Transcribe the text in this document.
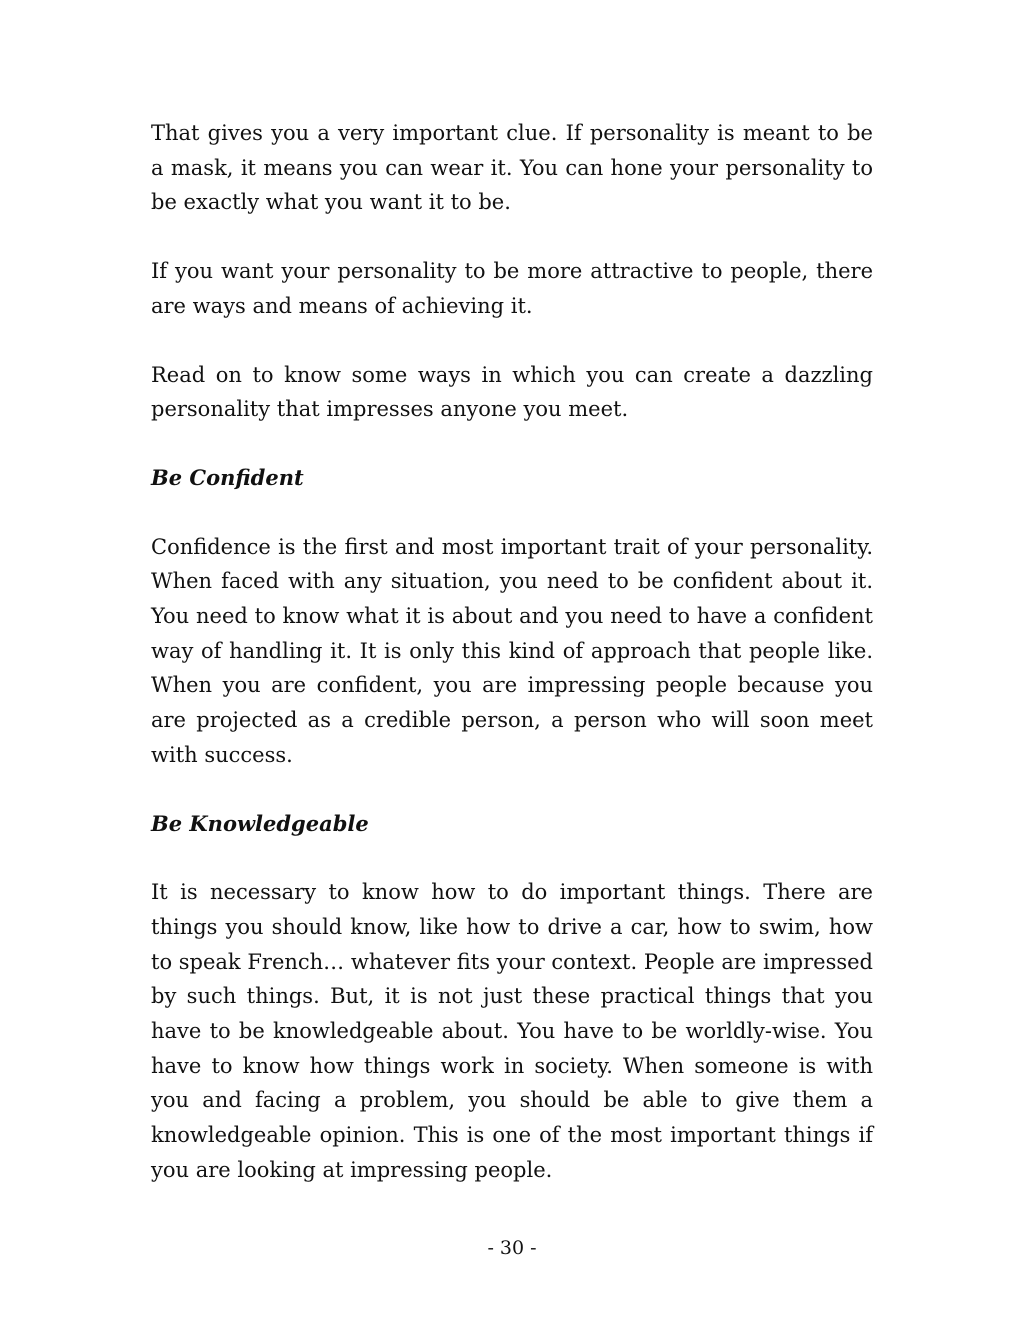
That gives you a very important clue. If personality is meant to be a mask, it means you can wear it. You can hone your personality to be exactly what you want it to be.

If you want your personality to be more attractive to people, there are ways and means of achieving it.

Read on to know some ways in which you can create a dazzling personality that impresses anyone you meet.

Be Confident

Confidence is the first and most important trait of your personality. When faced with any situation, you need to be confident about it. You need to know what it is about and you need to have a confident way of handling it. It is only this kind of approach that people like. When you are confident, you are impressing people because you are projected as a credible person, a person who will soon meet with success.

Be Knowledgeable

It is necessary to know how to do important things. There are things you should know, like how to drive a car, how to swim, how to speak French… whatever fits your context. People are impressed by such things. But, it is not just these practical things that you have to be knowledgeable about. You have to be worldly-wise. You have to know how things work in society. When someone is with you and facing a problem, you should be able to give them a knowledgeable opinion. This is one of the most important things if you are looking at impressing people.

- 30 -
